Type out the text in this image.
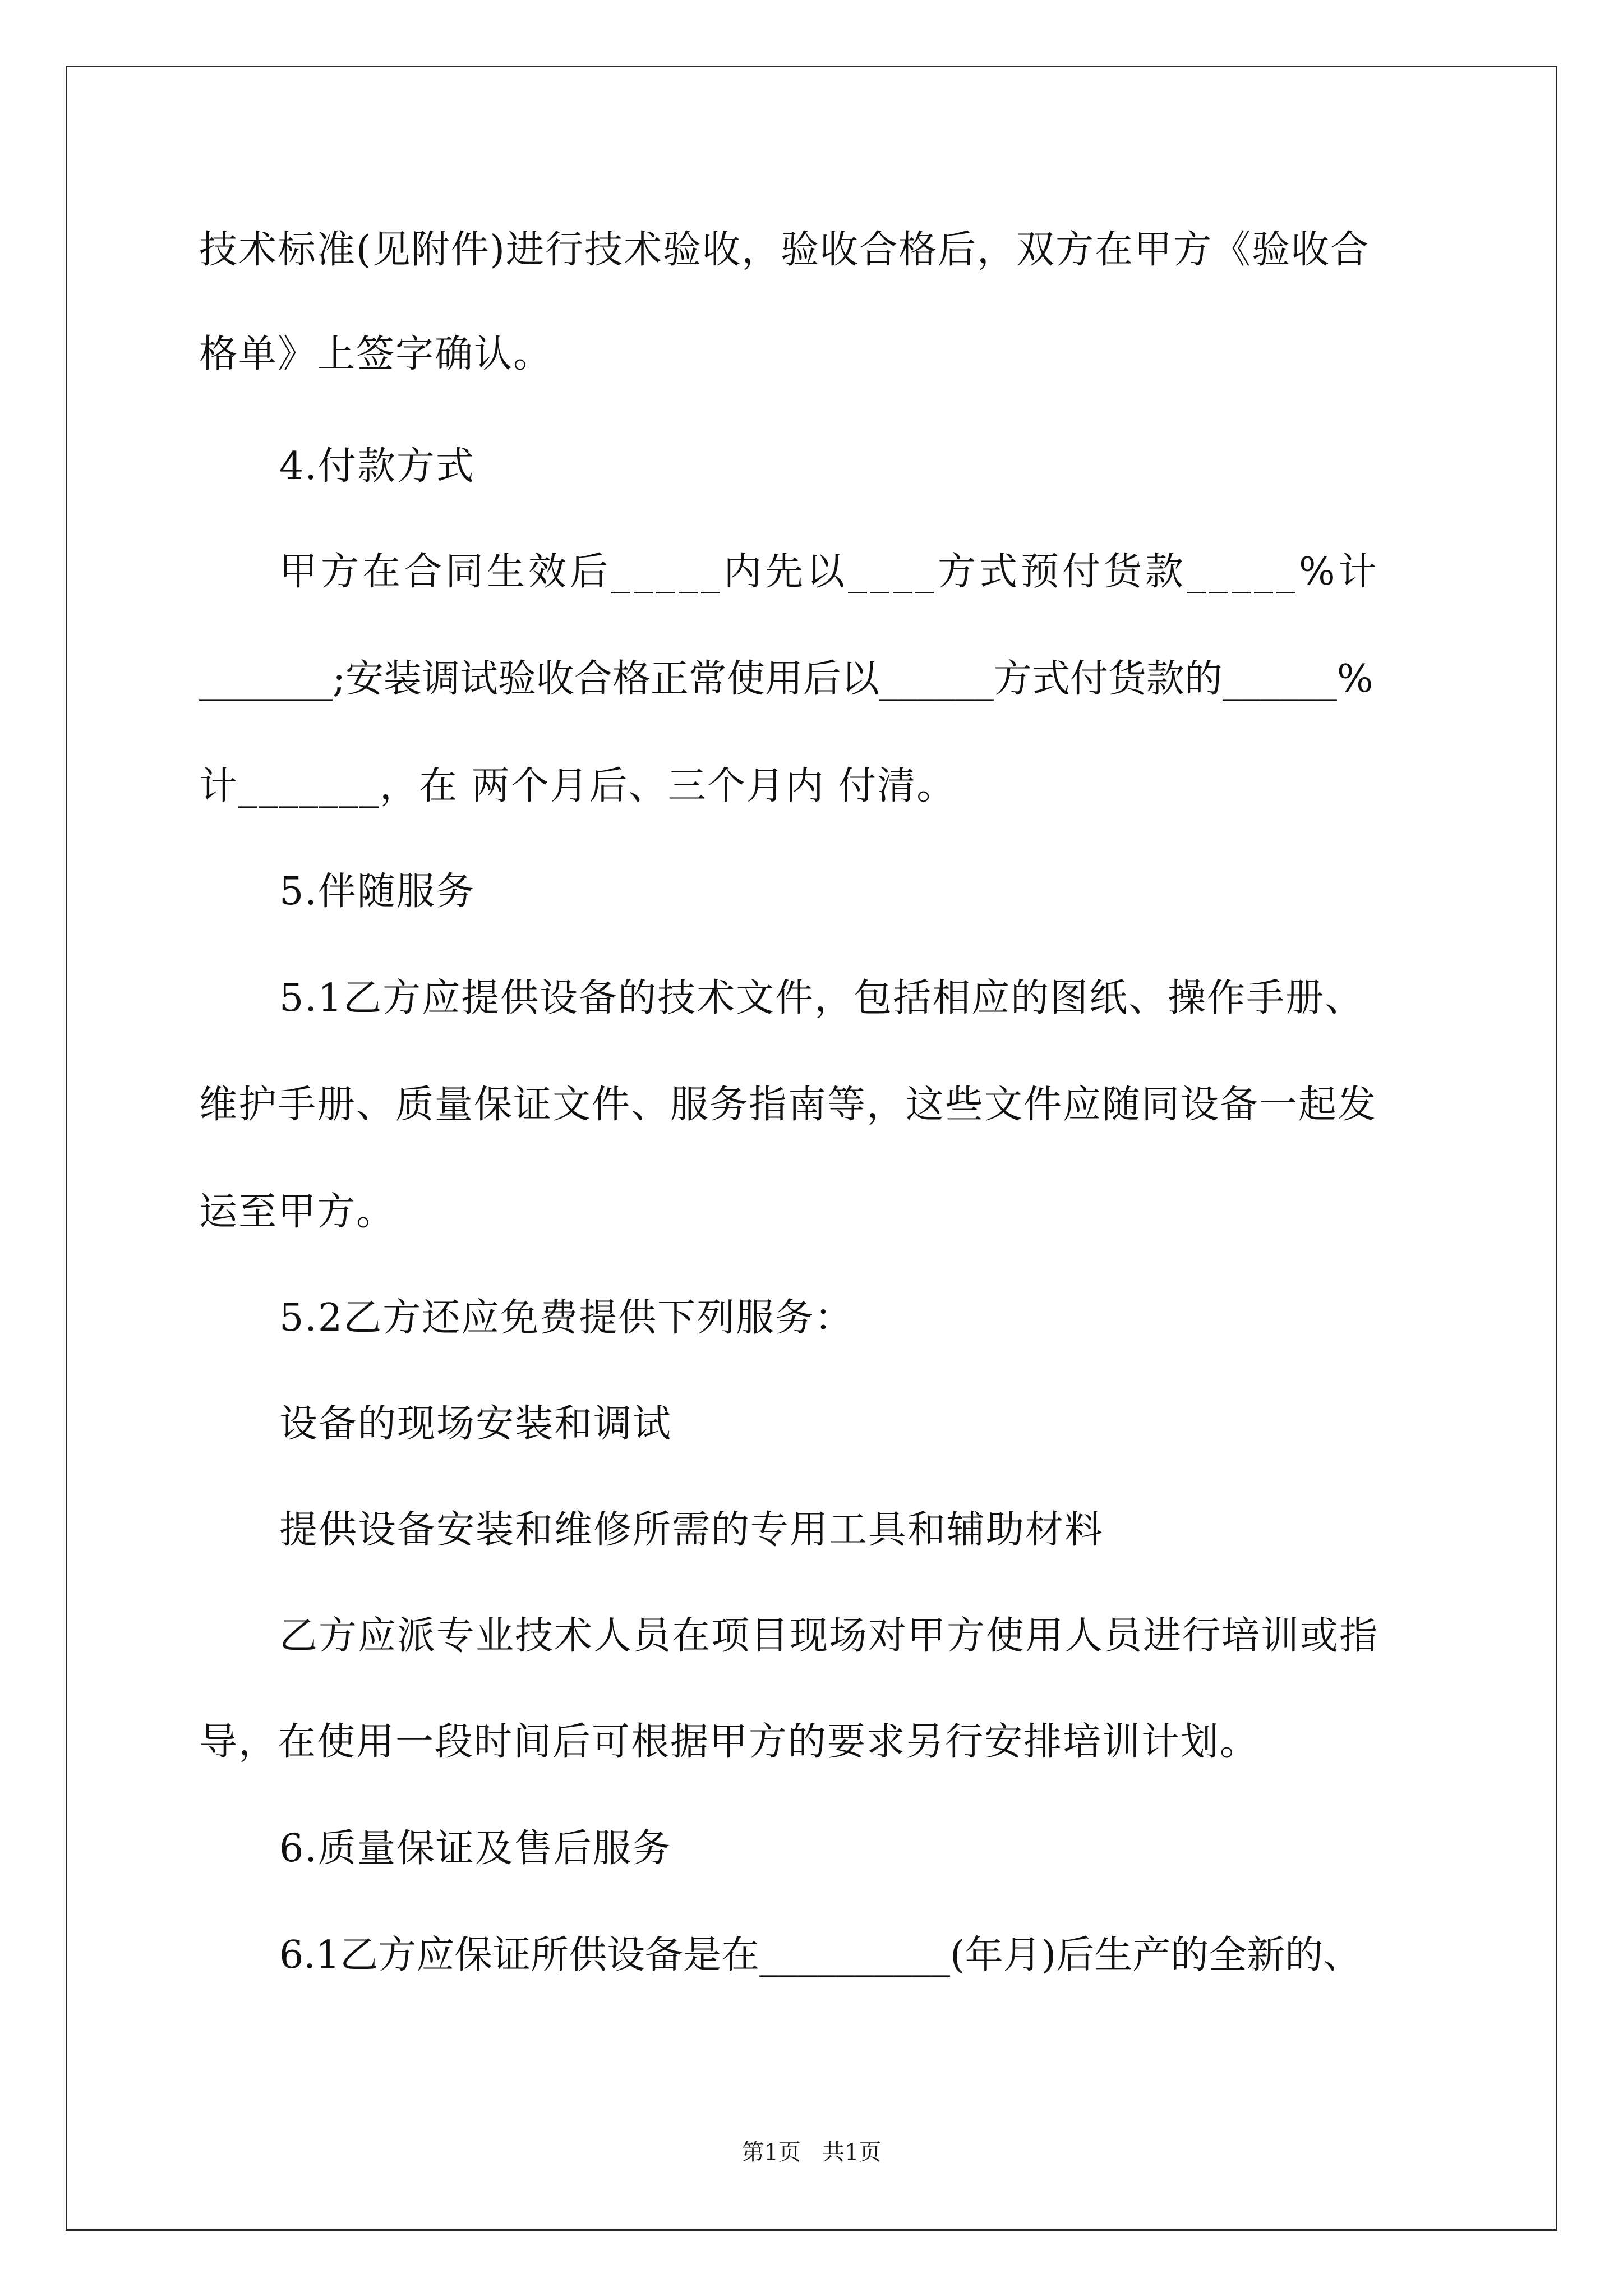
技术标准(见附件)进行技术验收，验收合格后，双方在甲方《验收合
格单》上签字确认。
4.付款方式
甲方在合同生效后_____内先以____方式预付货款_____%计
_______;安装调试验收合格正常使用后以______方式付货款的______%
计_______，在 两个月后、三个月内 付清。
5.伴随服务
5.1乙方应提供设备的技术文件，包括相应的图纸、操作手册、
维护手册、质量保证文件、服务指南等，这些文件应随同设备一起发
运至甲方。
5.2乙方还应免费提供下列服务：
设备的现场安装和调试
提供设备安装和维修所需的专用工具和辅助材料
乙方应派专业技术人员在项目现场对甲方使用人员进行培训或指
导，在使用一段时间后可根据甲方的要求另行安排培训计划。
6.质量保证及售后服务
6.1乙方应保证所供设备是在__________(年月)后生产的全新的、
第1页   共1页
